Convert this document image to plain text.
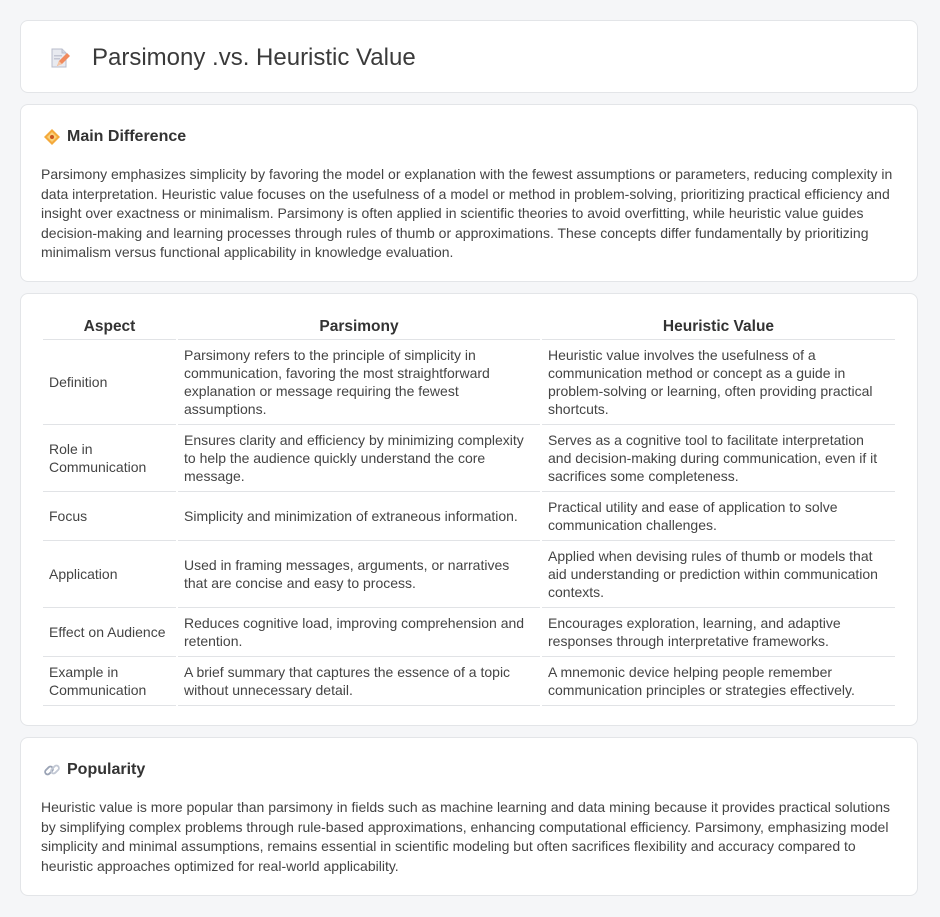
Parsimony .vs. Heuristic Value
Main Difference

Parsimony emphasizes simplicity by favoring the model or explanation with the fewest assumptions or parameters, reducing complexity in data interpretation. Heuristic value focuses on the usefulness of a model or method in problem-solving, prioritizing practical efficiency and insight over exactness or minimalism. Parsimony is often applied in scientific theories to avoid overfitting, while heuristic value guides decision-making and learning processes through rules of thumb or approximations. These concepts differ fundamentally by prioritizing minimalism versus functional applicability in knowledge evaluation.

Aspect	Parsimony	Heuristic Value
Definition	Parsimony refers to the principle of simplicity in communication, favoring the most straightforward explanation or message requiring the fewest assumptions.	Heuristic value involves the usefulness of a communication method or concept as a guide in problem-solving or learning, often providing practical shortcuts.
Role in Communication	Ensures clarity and efficiency by minimizing complexity to help the audience quickly understand the core message.	Serves as a cognitive tool to facilitate interpretation and decision-making during communication, even if it sacrifices some completeness.
Focus	Simplicity and minimization of extraneous information.	Practical utility and ease of application to solve communication challenges.
Application	Used in framing messages, arguments, or narratives that are concise and easy to process.	Applied when devising rules of thumb or models that aid understanding or prediction within communication contexts.
Effect on Audience	Reduces cognitive load, improving comprehension and retention.	Encourages exploration, learning, and adaptive responses through interpretative frameworks.
Example in Communication	A brief summary that captures the essence of a topic without unnecessary detail.	A mnemonic device helping people remember communication principles or strategies effectively.
Popularity

Heuristic value is more popular than parsimony in fields such as machine learning and data mining because it provides practical solutions by simplifying complex problems through rule-based approximations, enhancing computational efficiency. Parsimony, emphasizing model simplicity and minimal assumptions, remains essential in scientific modeling but often sacrifices flexibility and accuracy compared to heuristic approaches optimized for real-world applicability.
